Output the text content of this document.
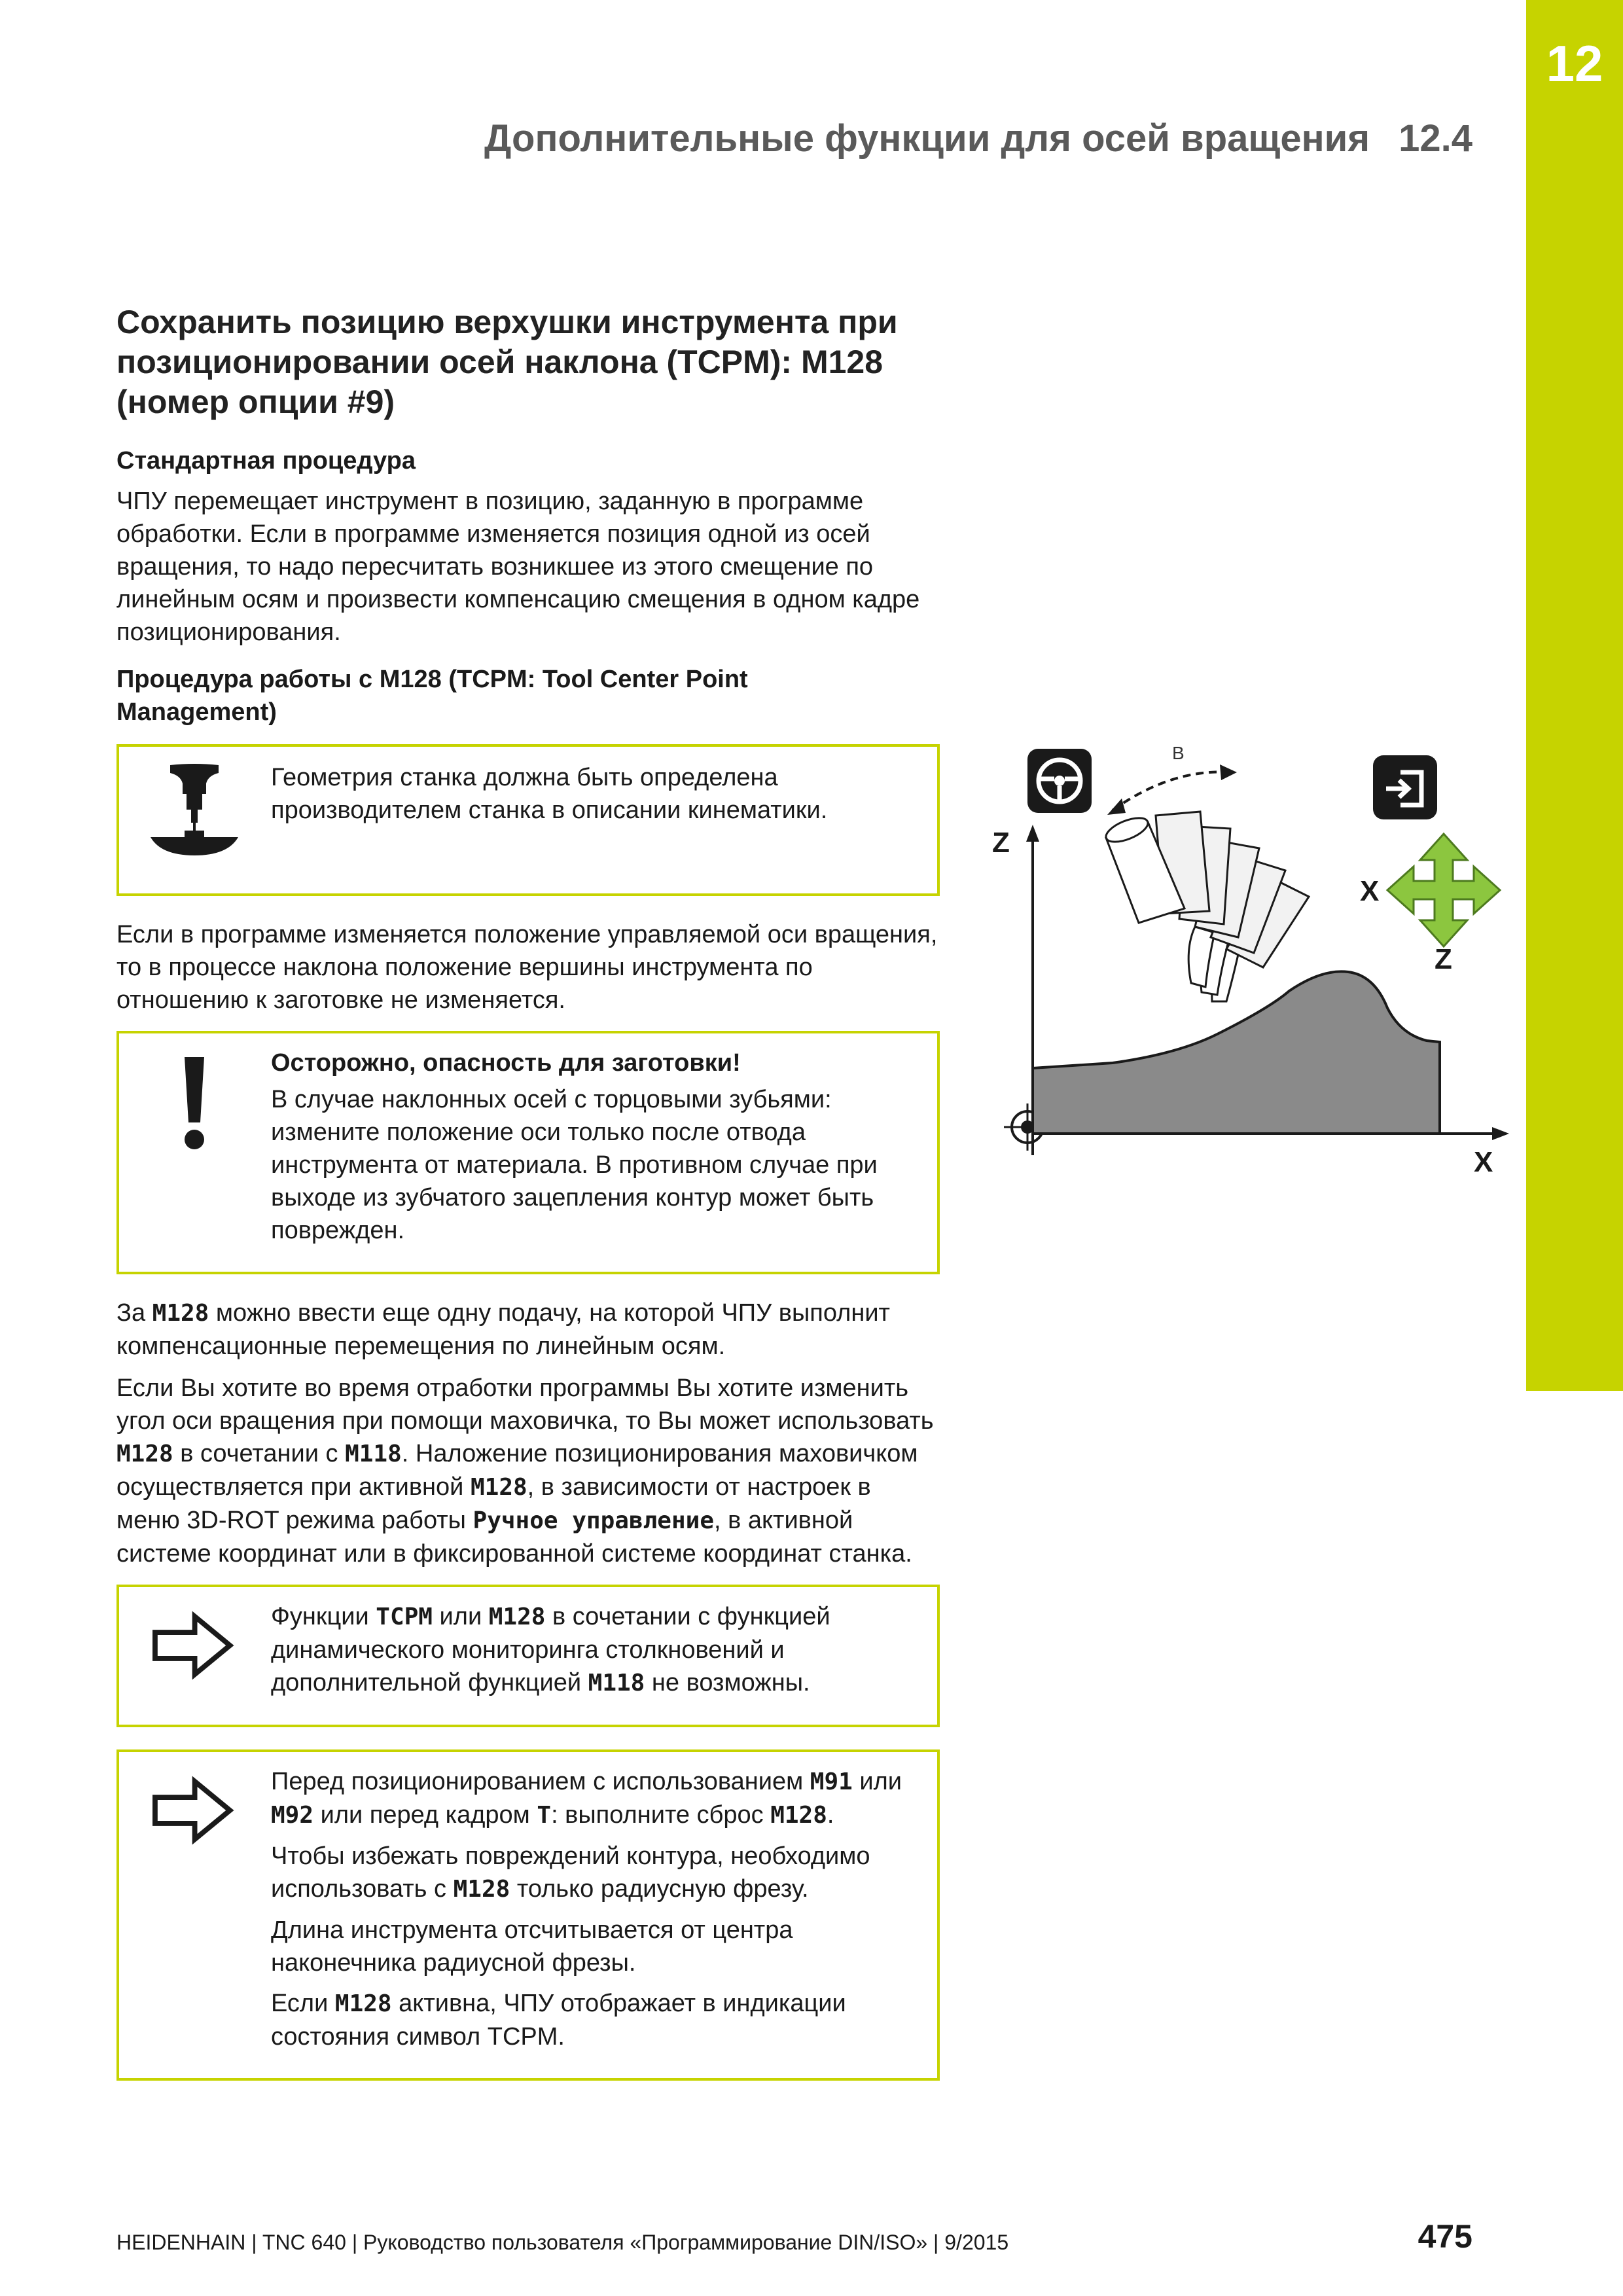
12
Дополнительные функции для осей вращения 12.4
Сохранить позицию верхушки инструмента при
позиционировании осей наклона (TCPM): M128
(номер опции #9)
Стандартная процедура

ЧПУ перемещает инструмент в позицию, заданную в программе обработки. Если в программе изменяется позиция одной из осей вращения, то надо пересчитать возникшее из этого смещение по линейным осям и произвести компенсацию смещения в одном кадре позиционирования.

Процедура работы с M128 (TCPM: Tool Center Point
Management)

Геометрия станка должна быть определена производителем станка в описании кинематики.

Если в программе изменяется положение управляемой оси вращения, то в процессе наклона положение вершины инструмента по отношению к заготовке не изменяется.

Осторожно, опасность для заготовки!

В случае наклонных осей с торцовыми зубьями: измените положение оси только после отвода инструмента от материала. В противном случае при выходе из зубчатого зацепления контур может быть поврежден.

За M128 можно ввести еще одну подачу, на которой ЧПУ выполнит компенсационные перемещения по линейным осям.

Если Вы хотите во время отработки программы Вы хотите изменить угол оси вращения при помощи маховичка, то Вы может использовать M128 в сочетании с M118. Наложение позиционирования маховичком осуществляется при активной M128, в зависимости от настроек в меню 3D-ROT режима работы Ручное управление, в активной системе координат или в фиксированной системе координат станка.

Функции TCPM или M128 в сочетании с функцией динамического мониторинга столкновений и дополнительной функцией M118 не возможны.

Перед позиционированием с использованием M91 или M92 или перед кадром T: выполните сброс M128.

Чтобы избежать повреждений контура, необходимо использовать с M128 только радиусную фрезу.

Длина инструмента отсчитывается от центра наконечника радиусной фрезы.

Если M128 активна, ЧПУ отображает в индикации состояния символ TCPM.

B
Z
X
X
Z
HEIDENHAIN | TNC 640 | Руководство пользователя «Программирование DIN/ISO» | 9/2015	475
